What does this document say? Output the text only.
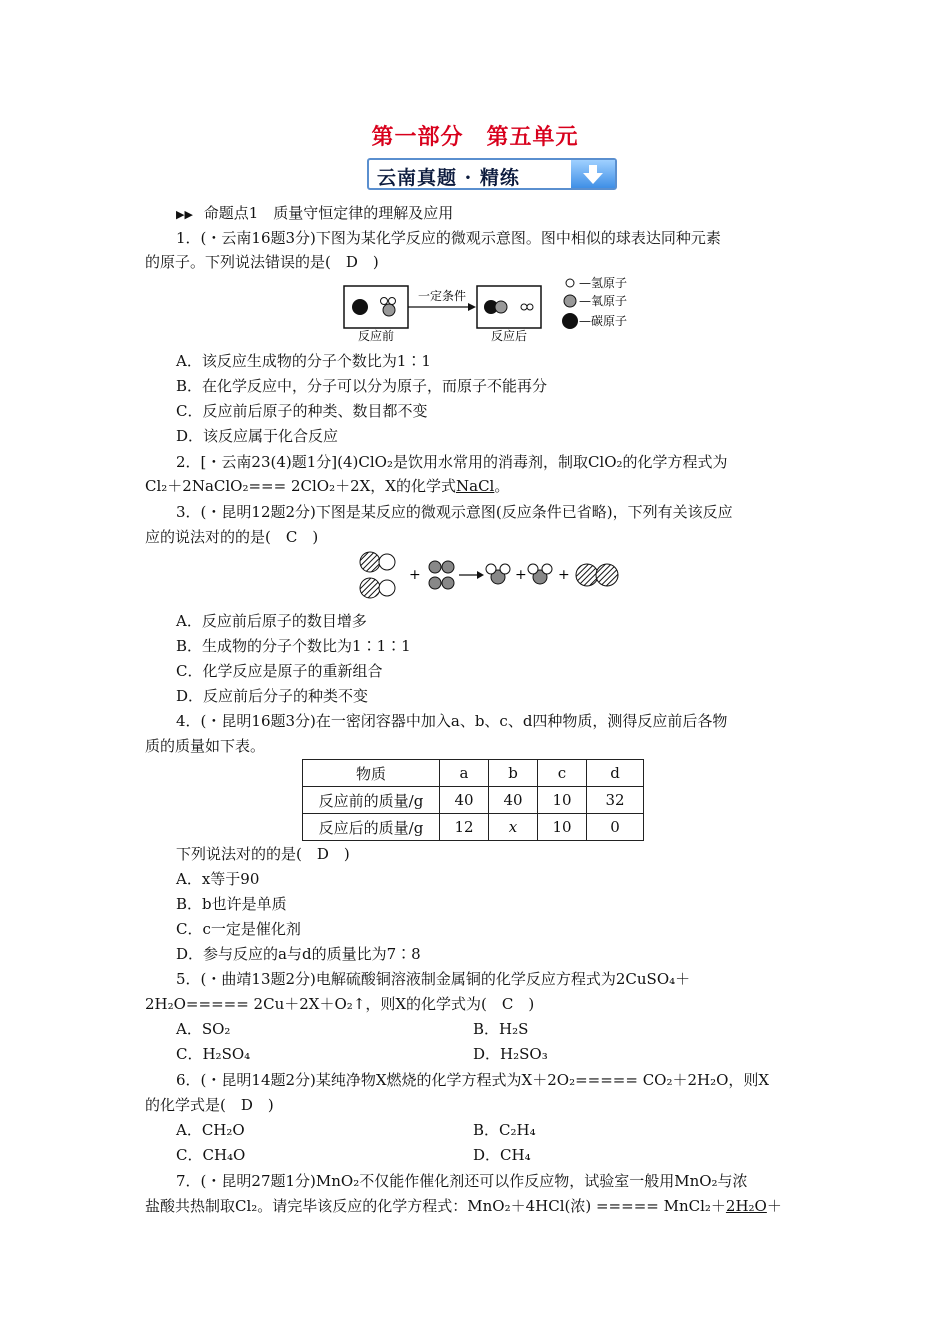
第一部分　第五单元
云南真题 · 精练
▶▶ 命题点1　质量守恒定律的理解及应用
1．(・云南16题3分)下图为某化学反应的微观示意图。图中相似的球表达同种元素
的原子。下列说法错误的是(　D　)
一定条件
反应前	反应后
—氢原子
—氧原子
—碳原子
A．该反应生成物的分子个数比为1∶1
B．在化学反应中，分子可以分为原子，而原子不能再分
C．反应前后原子的种类、数目都不变
D．该反应属于化合反应
2．[・云南23(4)题1分](4)ClO₂是饮用水常用的消毒剂，制取ClO₂的化学方程式为
Cl₂＋2NaClO₂=== 2ClO₂＋2X，X的化学式NaCl。
3．(・昆明12题2分)下图是某反应的微观示意图(反应条件已省略)，下列有关该反应
应的说法对的的是(　C　)
+	+ +
A．反应前后原子的数目增多
B．生成物的分子个数比为1∶1∶1
C．化学反应是原子的重新组合
D．反应前后分子的种类不变
4．(・昆明16题3分)在一密闭容器中加入a、b、c、d四种物质，测得反应前后各物
质的质量如下表。
物质	a	b	c	d
反应前的质量/g	40	40	10	32
反应后的质量/g	12	x	10	0
下列说法对的的是(　D　)
A．x等于90
B．b也许是单质
C．c一定是催化剂
D．参与反应的a与d的质量比为7∶8
5．(・曲靖13题2分)电解硫酸铜溶液制金属铜的化学反应方程式为2CuSO₄＋
2H₂O===== 2Cu＋2X＋O₂↑，则X的化学式为(　C　)
A．SO₂	B．H₂S
C．H₂SO₄	D．H₂SO₃
6．(・昆明14题2分)某纯净物X燃烧的化学方程式为X＋2O₂===== CO₂＋2H₂O，则X
的化学式是(　D　)
A．CH₂O	B．C₂H₄
C．CH₄O	D．CH₄
7．(・昆明27题1分)MnO₂不仅能作催化剂还可以作反应物，试验室一般用MnO₂与浓
盐酸共热制取Cl₂。请完毕该反应的化学方程式：MnO₂＋4HCl(浓) ===== MnCl₂＋2H₂O＋
